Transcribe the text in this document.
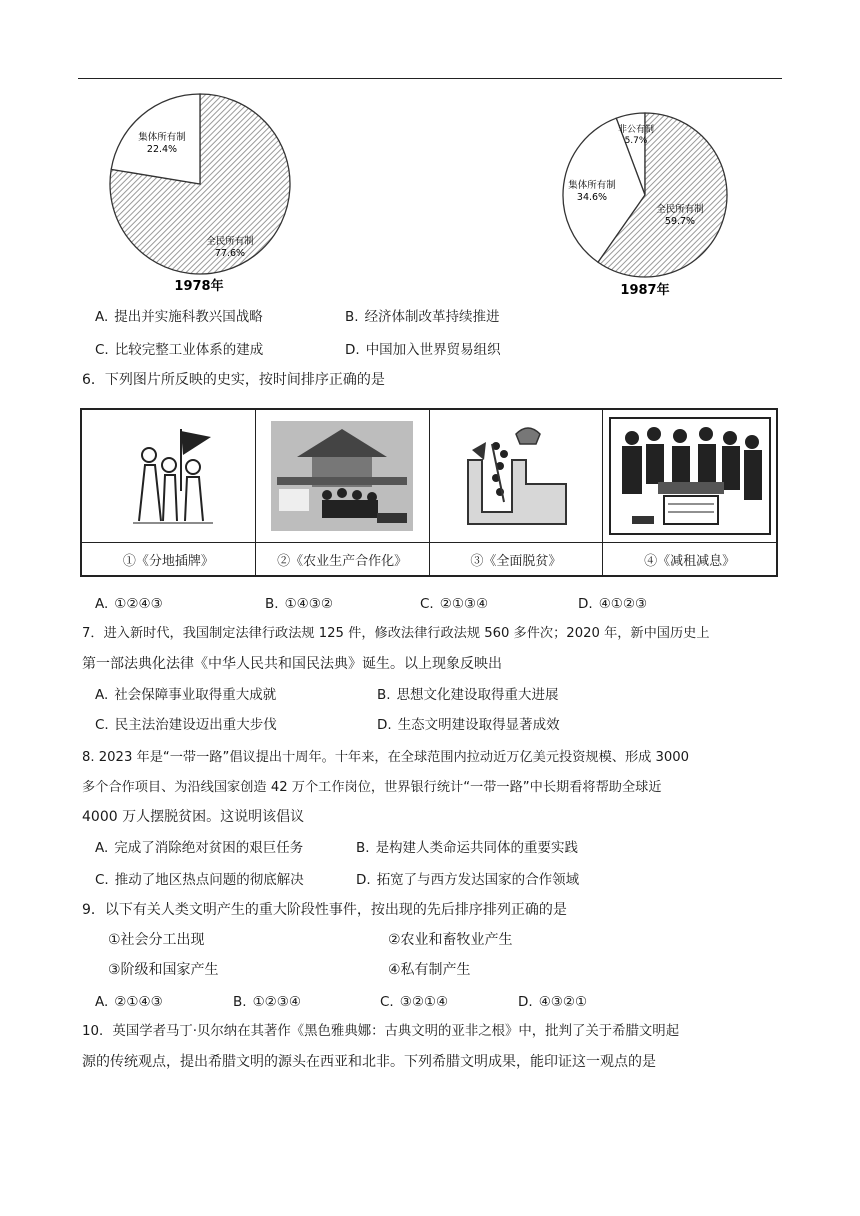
集体所有制
22.4%
全民所有制
77.6%
1978年
非公有制
5.7%
集体所有制
34.6%
全民所有制
59.7%
1987年
A. 提出并实施科教兴国战略	B. 经济体制改革持续推进
C. 比较完整工业体系的建成	D. 中国加入世界贸易组织
6．下列图片所反映的史实，按时间排序正确的是
①《分地插牌》	②《农业生产合作化》	③《全面脱贫》	④《减租减息》
A. ①②④③	B. ①④③②	C. ②①③④	D. ④①②③
7．进入新时代，我国制定法律行政法规 125 件，修改法律行政法规 560 多件次；2020 年，新中国历史上
第一部法典化法律《中华人民共和国民法典》诞生。以上现象反映出
A. 社会保障事业取得重大成就	B. 思想文化建设取得重大进展
C. 民主法治建设迈出重大步伐	D. 生态文明建设取得显著成效
8. 2023 年是“一带一路”倡议提出十周年。十年来，在全球范围内拉动近万亿美元投资规模、形成 3000
多个合作项目、为沿线国家创造 42 万个工作岗位，世界银行统计“一带一路”中长期看将帮助全球近
4000 万人摆脱贫困。这说明该倡议
A. 完成了消除绝对贫困的艰巨任务	B. 是构建人类命运共同体的重要实践
C. 推动了地区热点问题的彻底解决	D. 拓宽了与西方发达国家的合作领域
9．以下有关人类文明产生的重大阶段性事件，按出现的先后排序排列正确的是
①社会分工出现	②农业和畜牧业产生
③阶级和国家产生	④私有制产生
A. ②①④③	B. ①②③④	C. ③②①④	D. ④③②①
10．英国学者马丁·贝尔纳在其著作《黑色雅典娜：古典文明的亚非之根》中，批判了关于希腊文明起
源的传统观点，提出希腊文明的源头在西亚和北非。下列希腊文明成果，能印证这一观点的是
